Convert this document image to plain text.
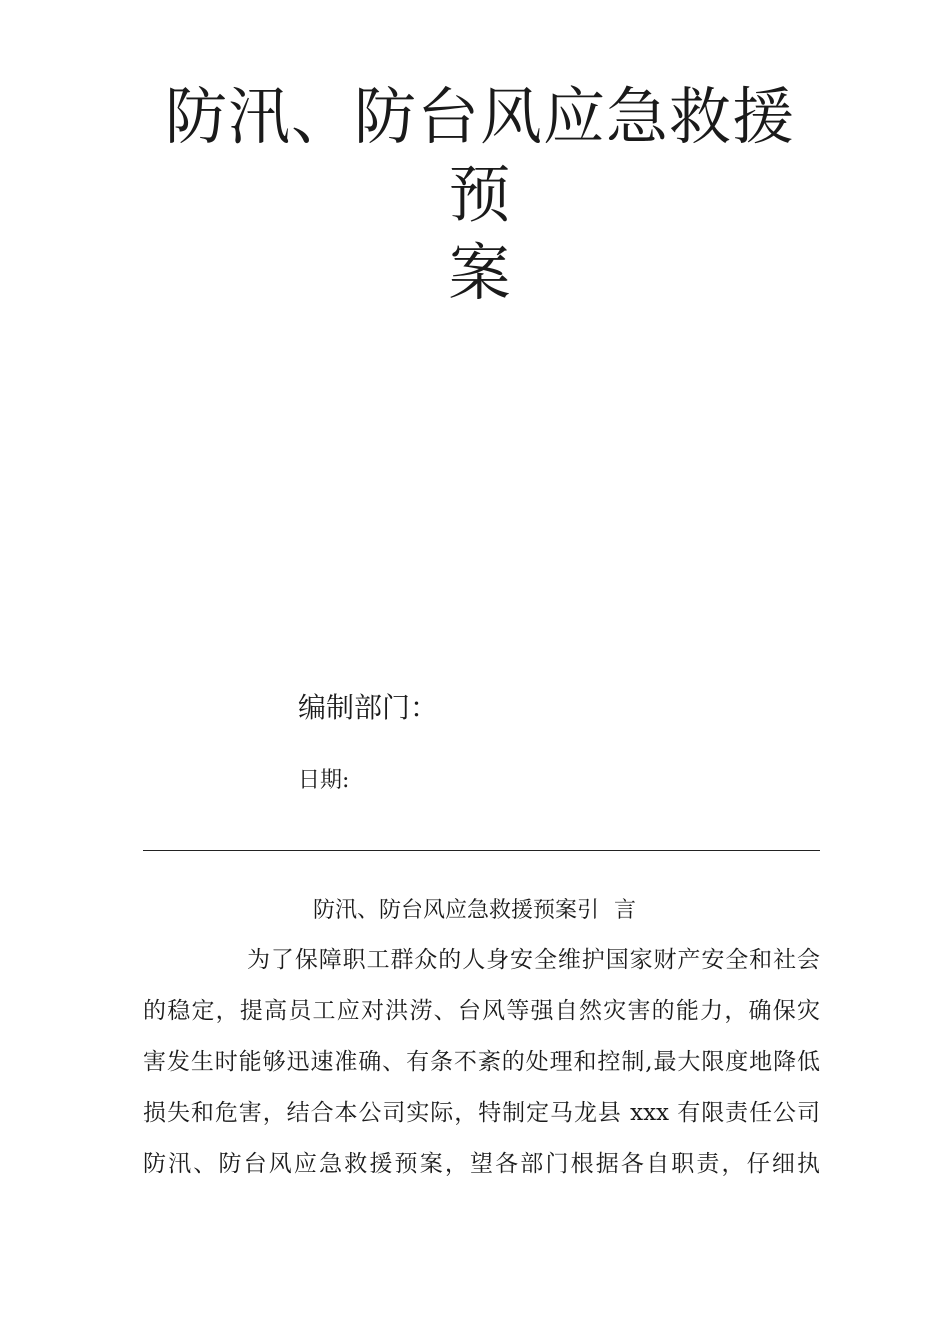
防汛、防台风应急救援预
案
编制部门：
日期:
防汛、防台风应急救援预案引 言
为了保障职工群众的人身安全维护国家财产安全和社会
的稳定，提高员工应对洪涝、台风等强自然灾害的能力，确保灾
害发生时能够迅速准确、有条不紊的处理和控制,最大限度地降低
损失和危害，结合本公司实际，特制定马龙县 xxx 有限责任公司
防汛、防台风应急救援预案，望各部门根据各自职责，仔细执
